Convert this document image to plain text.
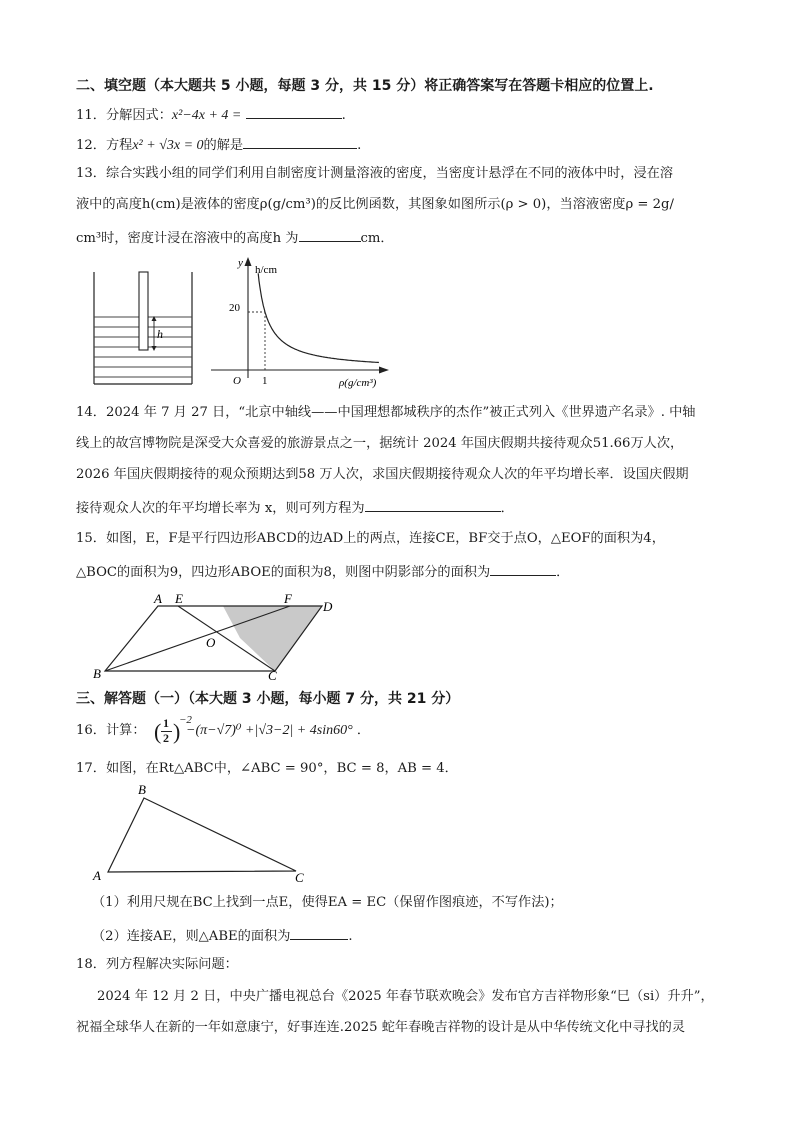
二、填空题（本大题共 5 小题，每题 3 分，共 15 分）将正确答案写在答题卡相应的位置上.
11．分解因式：x²−4x + 4 =	.
12．方程x² + √3x = 0的解是	.
13．综合实践小组的同学们利用自制密度计测量溶液的密度，当密度计悬浮在不同的液体中时，浸在溶
液中的高度h(cm)是液体的密度ρ(g/cm³)的反比例函数，其图象如图所示(ρ > 0)，当溶液密度ρ = 2g/
cm³时，密度计浸在溶液中的高度h 为	cm．
h
y
h/cm
20
1
O	ρ(g/cm³)
14．2024 年 7 月 27 日，“北京中轴线——中国理想都城秩序的杰作”被正式列入《世界遗产名录》. 中轴
线上的故宫博物院是深受大众喜爱的旅游景点之一，据统计 2024 年国庆假期共接待观众51.66万人次，
2026 年国庆假期接待的观众预期达到58 万人次，求国庆假期接待观众人次的年平均增长率．设国庆假期
接待观众人次的年平均增长率为 x，则可列方程为	．
15．如图，E，F是平行四边形ABCD的边AD上的两点，连接CE，BF交于点O，△EOF的面积为4，
△BOC的面积为9，四边形ABOE的面积为8，则图中阴影部分的面积为	．
A E	F
D
O
B	C
三、解答题（一）（本大题 3 小题，每小题 7 分，共 21 分）
16．计算： ( 1
2 )
−2
−(π−√7)⁰ +|√3−2| + 4sin60° ．
17．如图，在Rt△ABC中，∠ABC = 90°，BC = 8，AB = 4．
B
A	C
（1）利用尺规在BC上找到一点E，使得EA = EC（保留作图痕迹，不写作法)；
（2）连接AE，则△ABE的面积为	.
18．列方程解决实际问题：
2024 年 12 月 2 日，中央广播电视总台《2025 年春节联欢晚会》发布官方吉祥物形象“巳（si）升升”，
祝福全球华人在新的一年如意康宁，好事连连.2025 蛇年春晚吉祥物的设计是从中华传统文化中寻找的灵
